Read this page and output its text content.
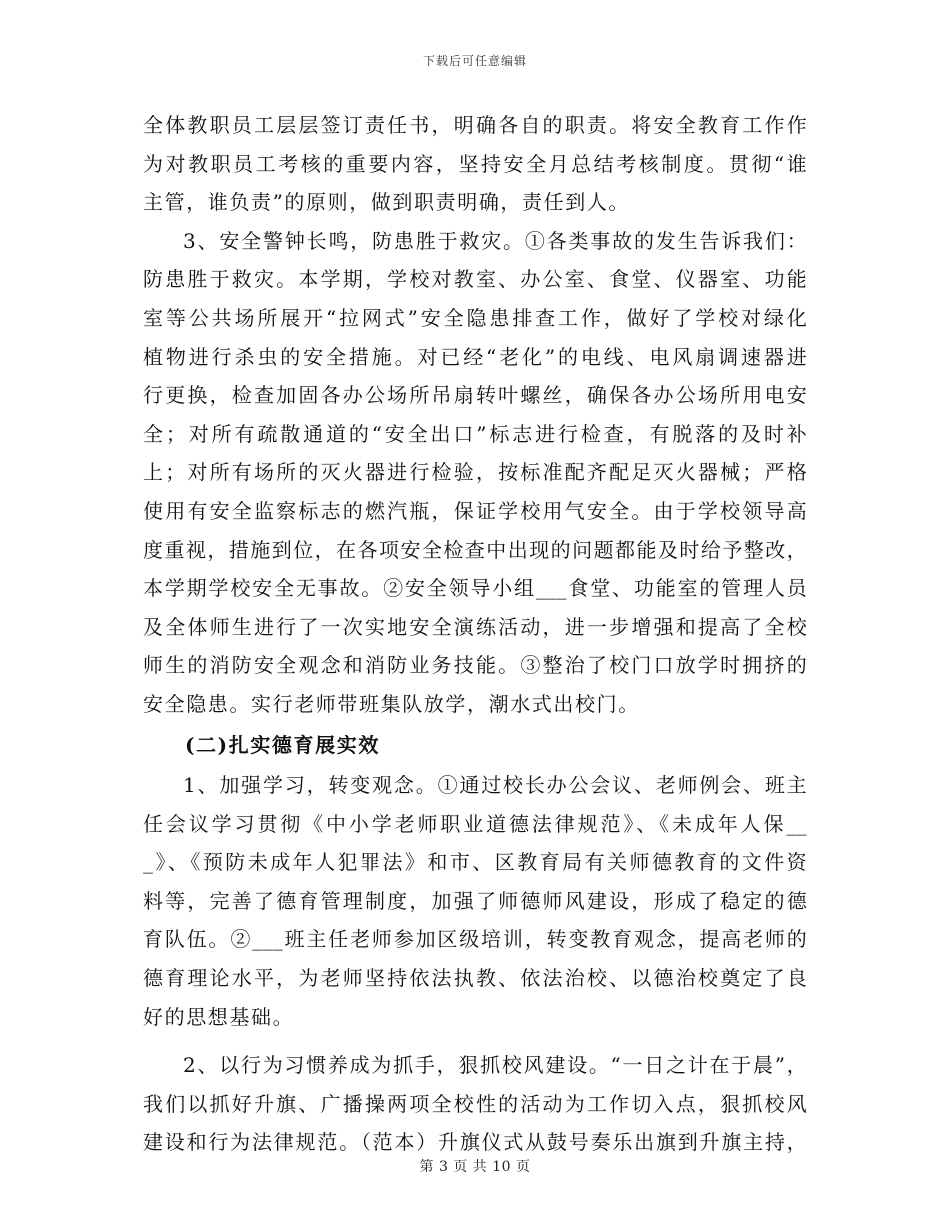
下载后可任意编辑
全体教职员工层层签订责任书，明确各自的职责。将安全教育工作作
为对教职员工考核的重要内容，坚持安全月总结考核制度。贯彻“谁
主管，谁负责”的原则，做到职责明确，责任到人。
3、安全警钟长鸣，防患胜于救灾。①各类事故的发生告诉我们：
防患胜于救灾。本学期，学校对教室、办公室、食堂、仪器室、功能
室等公共场所展开“拉网式”安全隐患排查工作，做好了学校对绿化
植物进行杀虫的安全措施。对已经“老化”的电线、电风扇调速器进
行更换，检查加固各办公场所吊扇转叶螺丝，确保各办公场所用电安
全；对所有疏散通道的“安全出口”标志进行检查，有脱落的及时补
上；对所有场所的灭火器进行检验，按标准配齐配足灭火器械；严格
使用有安全监察标志的燃汽瓶，保证学校用气安全。由于学校领导高
度重视，措施到位，在各项安全检查中出现的问题都能及时给予整改，
本学期学校安全无事故。②安全领导小组___食堂、功能室的管理人员
及全体师生进行了一次实地安全演练活动，进一步增强和提高了全校
师生的消防安全观念和消防业务技能。③整治了校门口放学时拥挤的
安全隐患。实行老师带班集队放学，潮水式出校门。
(二)扎实德育展实效
1、加强学习，转变观念。①通过校长办公会议、老师例会、班主
任会议学习贯彻《中小学老师职业道德法律规范》、《未成年人保__
_》、《预防未成年人犯罪法》和市、区教育局有关师德教育的文件资
料等，完善了德育管理制度，加强了师德师风建设，形成了稳定的德
育队伍。②___班主任老师参加区级培训，转变教育观念，提高老师的
德育理论水平，为老师坚持依法执教、依法治校、以德治校奠定了良
好的思想基础。
2、以行为习惯养成为抓手，狠抓校风建设。“一日之计在于晨”，
我们以抓好升旗、广播操两项全校性的活动为工作切入点，狠抓校风
建设和行为法律规范。（范本）升旗仪式从鼓号奏乐出旗到升旗主持，
第 3 页 共 10 页
